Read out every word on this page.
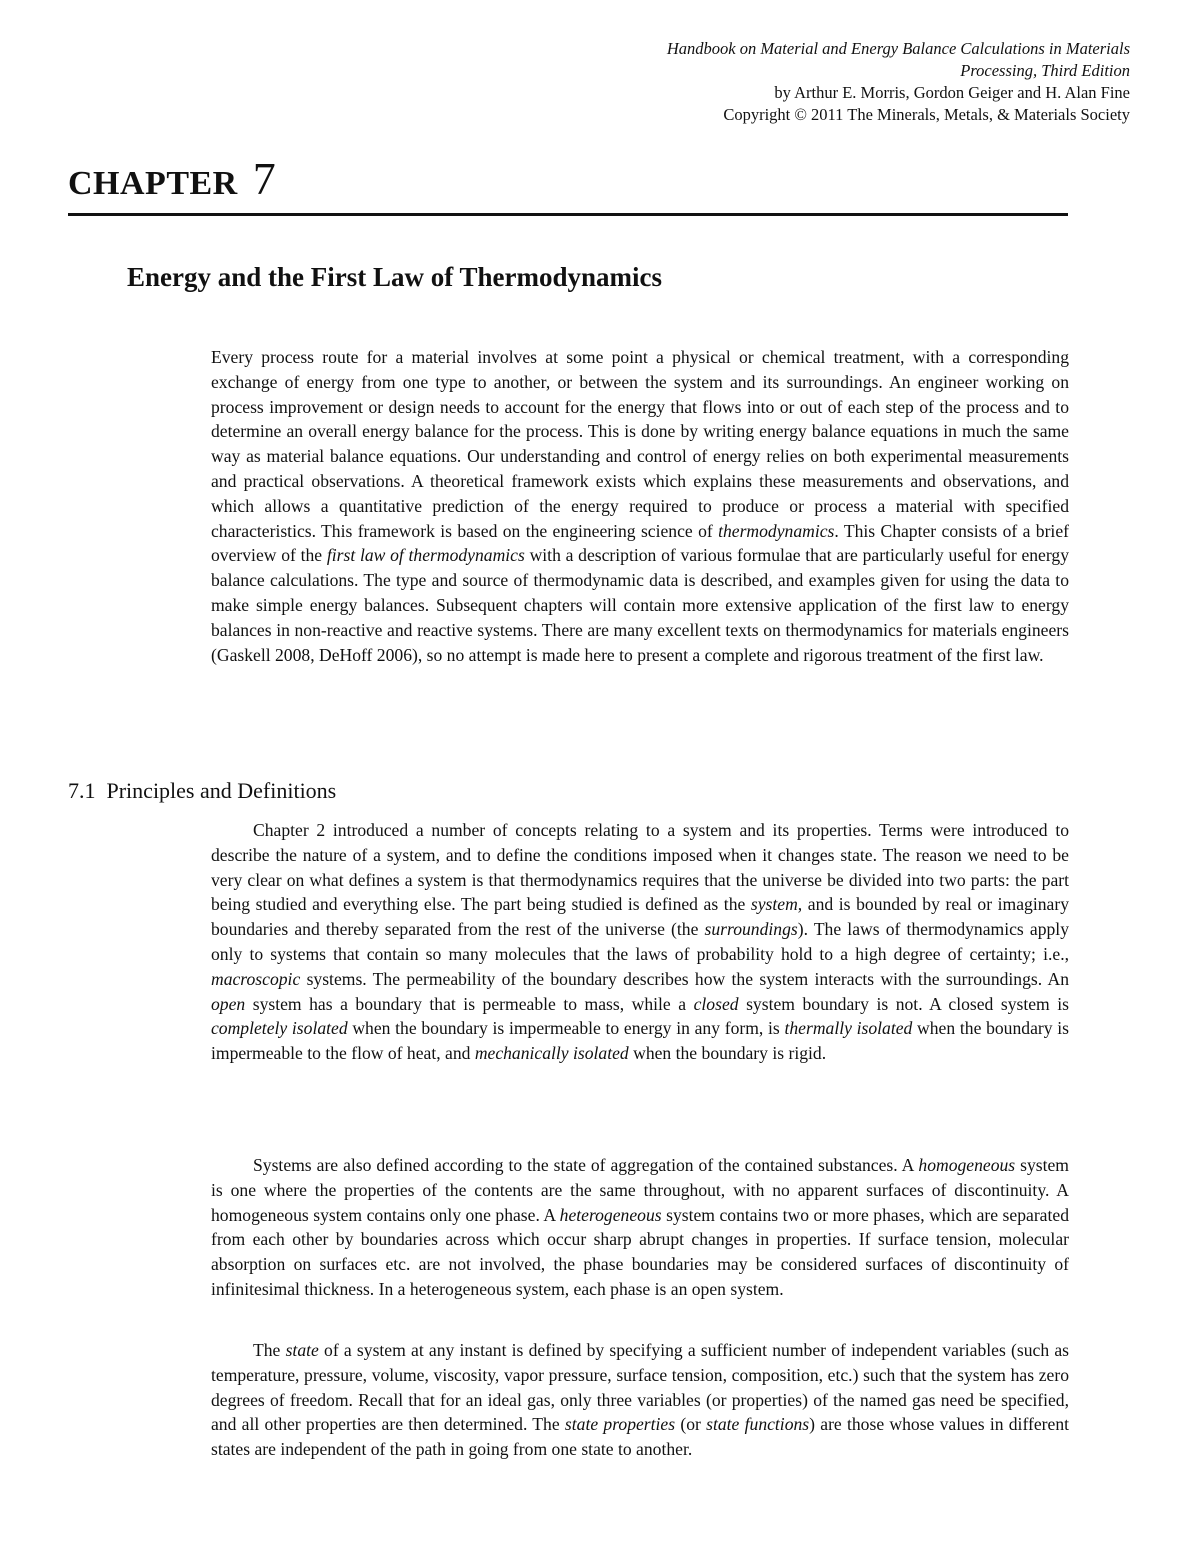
Handbook on Material and Energy Balance Calculations in Materials
Processing, Third Edition
by Arthur E. Morris, Gordon Geiger and H. Alan Fine
Copyright © 2011 The Minerals, Metals, & Materials Society
CHAPTER 7
Energy and the First Law of Thermodynamics

Every process route for a material involves at some point a physical or chemical treatment, with a corresponding exchange of energy from one type to another, or between the system and its surroundings. An engineer working on process improvement or design needs to account for the energy that flows into or out of each step of the process and to determine an overall energy balance for the process. This is done by writing energy balance equations in much the same way as material balance equations. Our understanding and control of energy relies on both experimental measurements and practical observations. A theoretical framework exists which explains these measurements and observations, and which allows a quantitative prediction of the energy required to produce or process a material with specified characteristics. This framework is based on the engineering science of thermodynamics. This Chapter consists of a brief overview of the first law of thermodynamics with a description of various formulae that are particularly useful for energy balance calculations. The type and source of thermodynamic data is described, and examples given for using the data to make simple energy balances. Subsequent chapters will contain more extensive application of the first law to energy balances in non-reactive and reactive systems. There are many excellent texts on thermodynamics for materials engineers (Gaskell 2008, DeHoff 2006), so no attempt is made here to present a complete and rigorous treatment of the first law.

7.1 Principles and Definitions

Chapter 2 introduced a number of concepts relating to a system and its properties. Terms were introduced to describe the nature of a system, and to define the conditions imposed when it changes state. The reason we need to be very clear on what defines a system is that thermodynamics requires that the universe be divided into two parts: the part being studied and everything else. The part being studied is defined as the system, and is bounded by real or imaginary boundaries and thereby separated from the rest of the universe (the surroundings). The laws of thermodynamics apply only to systems that contain so many molecules that the laws of probability hold to a high degree of certainty; i.e., macroscopic systems. The permeability of the boundary describes how the system interacts with the surroundings. An open system has a boundary that is permeable to mass, while a closed system boundary is not. A closed system is completely isolated when the boundary is impermeable to energy in any form, is thermally isolated when the boundary is impermeable to the flow of heat, and mechanically isolated when the boundary is rigid.

Systems are also defined according to the state of aggregation of the contained substances. A homogeneous system is one where the properties of the contents are the same throughout, with no apparent surfaces of discontinuity. A homogeneous system contains only one phase. A heterogeneous system contains two or more phases, which are separated from each other by boundaries across which occur sharp abrupt changes in properties. If surface tension, molecular absorption on surfaces etc. are not involved, the phase boundaries may be considered surfaces of discontinuity of infinitesimal thickness. In a heterogeneous system, each phase is an open system.

The state of a system at any instant is defined by specifying a sufficient number of independent variables (such as temperature, pressure, volume, viscosity, vapor pressure, surface tension, composition, etc.) such that the system has zero degrees of freedom. Recall that for an ideal gas, only three variables (or properties) of the named gas need be specified, and all other properties are then determined. The state properties (or state functions) are those whose values in different states are independent of the path in going from one state to another.
